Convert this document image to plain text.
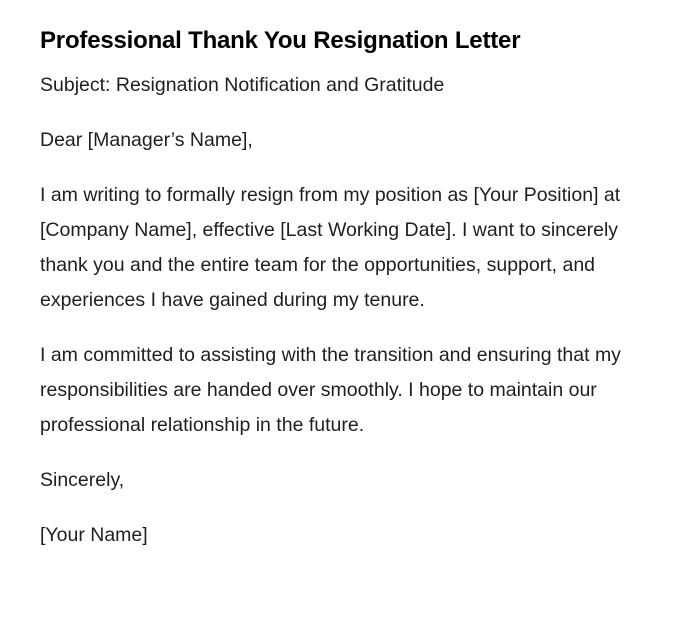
Professional Thank You Resignation Letter

Subject: Resignation Notification and Gratitude

Dear [Manager’s Name],

I am writing to formally resign from my position as [Your Position] at [Company Name], effective [Last Working Date]. I want to sincerely thank you and the entire team for the opportunities, support, and experiences I have gained during my tenure.

I am committed to assisting with the transition and ensuring that my responsibilities are handed over smoothly. I hope to maintain our professional relationship in the future.

Sincerely,

[Your Name]
